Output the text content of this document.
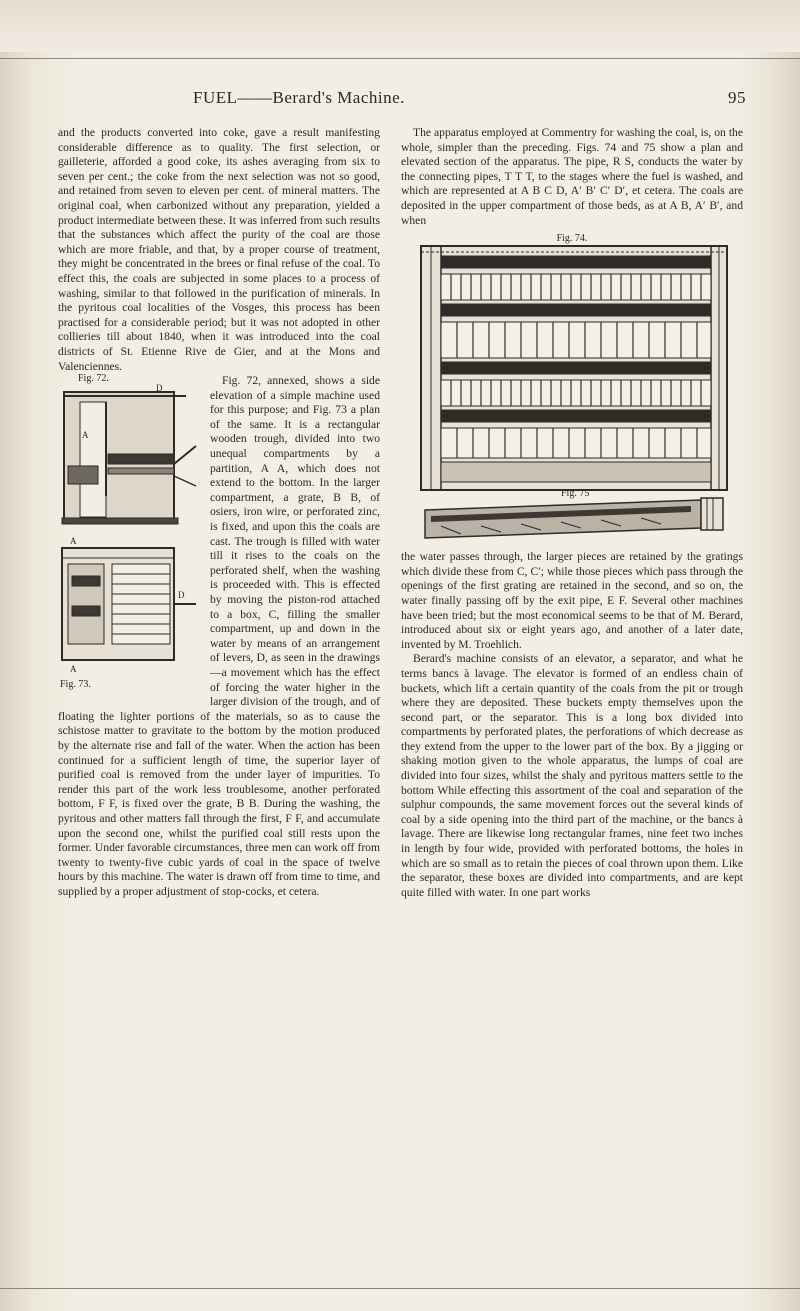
FUEL——Berard's Machine.	95

and the products converted into coke, gave a result manifesting considerable difference as to quality. The first selection, or gailleterie, afforded a good coke, its ashes averaging from six to seven per cent.; the coke from the next selection was not so good, and retained from seven to eleven per cent. of mineral matters. The original coal, when carbonized without any preparation, yielded a product intermediate between these. It was inferred from such results that the substances which affect the purity of the coal are those which are more friable, and that, by a proper course of treatment, they might be concentrated in the brees or final refuse of the coal. To effect this, the coals are subjected in some places to a process of washing, similar to that followed in the purification of minerals. In the pyritous coal localities of the Vosges, this process has been practised for a considerable period; but it was not adopted in other collieries till about 1840, when it was introduced into the coal districts of St. Etienne Rive de Gier, and at the Mons and Valenciennes.

Fig. 72.
D
A
A
D
A
Fig. 73.

Fig. 72, annexed, shows a side elevation of a simple machine used for this purpose; and Fig. 73 a plan of the same. It is a rectangular wooden trough, divided into two unequal compartments by a partition, A A, which does not extend to the bottom. In the larger compartment, a grate, B B, of osiers, iron wire, or perforated zinc, is fixed, and upon this the coals are cast. The trough is filled with water till it rises to the coals on the perforated shelf, when the washing is proceeded with. This is effected by moving the piston-rod attached to a box, C, filling the smaller compartment, up and down in the water by means of an arrangement of levers, D, as seen in the drawings—a movement which has the effect of forcing the water higher in the larger division of the trough, and of floating the lighter portions of the materials, so as to cause the schistose matter to gravitate to the bottom by the motion produced by the alternate rise and fall of the water. When the action has been continued for a sufficient length of time, the superior layer of purified coal is removed from the under layer of impurities. To render this part of the work less troublesome, another perforated bottom, F F, is fixed over the grate, B B. During the washing, the pyritous and other matters fall through the first, F F, and accumulate upon the second one, whilst the purified coal still rests upon the former. Under favorable circumstances, three men can work off from twenty to twenty-five cubic yards of coal in the space of twelve hours by this machine. The water is drawn off from time to time, and supplied by a proper adjustment of stop-cocks, et cetera.

The apparatus employed at Commentry for washing the coal, is, on the whole, simpler than the preceding. Figs. 74 and 75 show a plan and elevated section of the apparatus. The pipe, R S, conducts the water by the connecting pipes, T T T, to the stages where the fuel is washed, and which are represented at A B C D, A′ B′ C′ D′, et cetera. The coals are deposited in the upper compartment of those beds, as at A B, A′ B′, and when

Fig. 74.
Fig. 75

the water passes through, the larger pieces are retained by the gratings which divide these from C, C′; while those pieces which pass through the openings of the first grating are retained in the second, and so on, the water finally passing off by the exit pipe, E F. Several other machines have been tried; but the most economical seems to be that of M. Berard, introduced about six or eight years ago, and another of a later date, invented by M. Troehlich.

Berard's machine consists of an elevator, a separator, and what he terms bancs à lavage. The elevator is formed of an endless chain of buckets, which lift a certain quantity of the coals from the pit or trough where they are deposited. These buckets empty themselves upon the second part, or the separator. This is a long box divided into compartments by perforated plates, the perforations of which decrease as they extend from the upper to the lower part of the box. By a jigging or shaking motion given to the whole apparatus, the lumps of coal are divided into four sizes, whilst the shaly and pyritous matters settle to the bottom While effecting this assortment of the coal and separation of the sulphur compounds, the same movement forces out the several kinds of coal by a side opening into the third part of the machine, or the bancs à lavage. There are likewise long rectangular frames, nine feet two inches in length by four wide, provided with perforated bottoms, the holes in which are so small as to retain the pieces of coal thrown upon them. Like the separator, these boxes are divided into compartments, and are kept quite filled with water. In one part works
